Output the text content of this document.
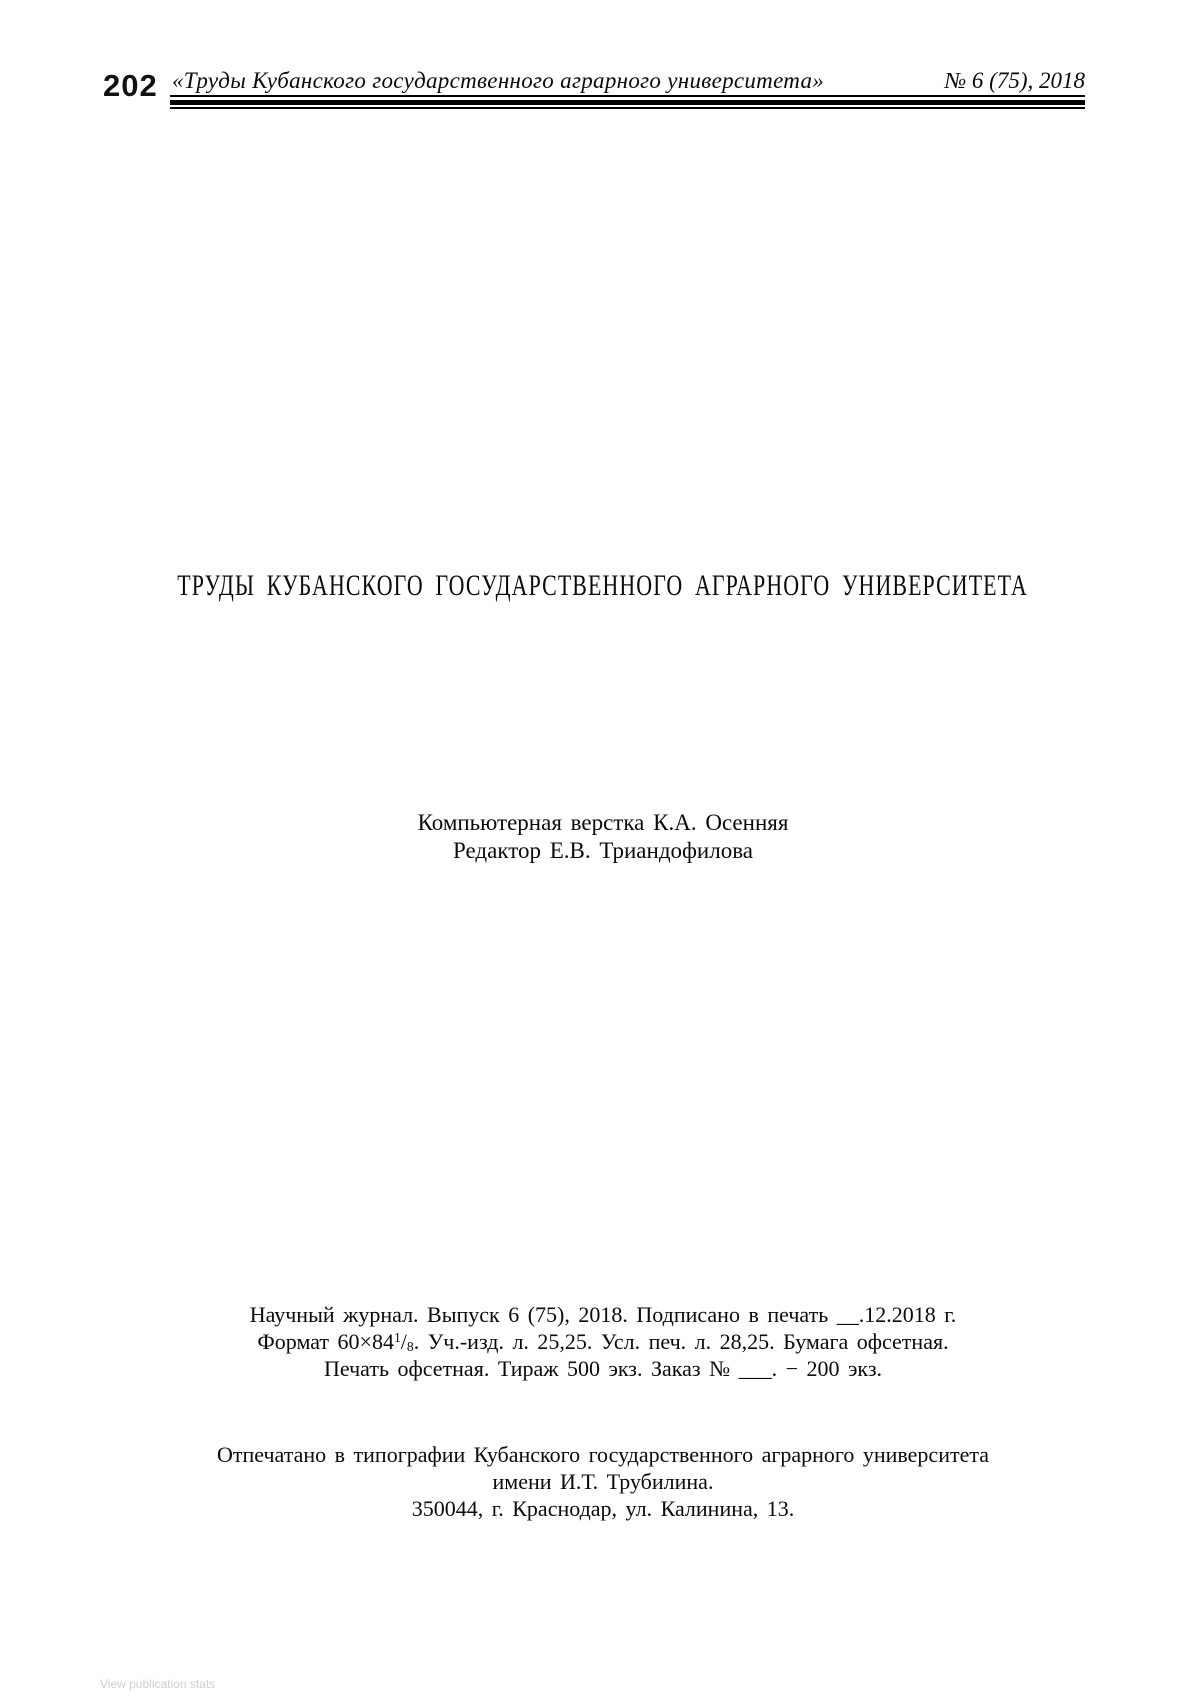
202 «Труды Кубанского государственного аграрного университета»	№ 6 (75), 2018
ТРУДЫ КУБАНСКОГО ГОСУДАРСТВЕННОГО АГРАРНОГО УНИВЕРСИТЕТА
Компьютерная верстка К.А. Осенняя
Редактор Е.В. Триандофилова
Научный журнал. Выпуск 6 (75), 2018. Подписано в печать __.12.2018 г.
Формат $60\times 84^1/_8$. Уч.-изд. л. 25,25. Усл. печ. л. 28,25. Бумага офсетная.
Печать офсетная. Тираж 500 экз. Заказ № ___. − 200 экз.
Отпечатано в типографии Кубанского государственного аграрного университета
имени И.Т. Трубилина.
350044, г. Краснодар, ул. Калинина, 13.
View publication stats
